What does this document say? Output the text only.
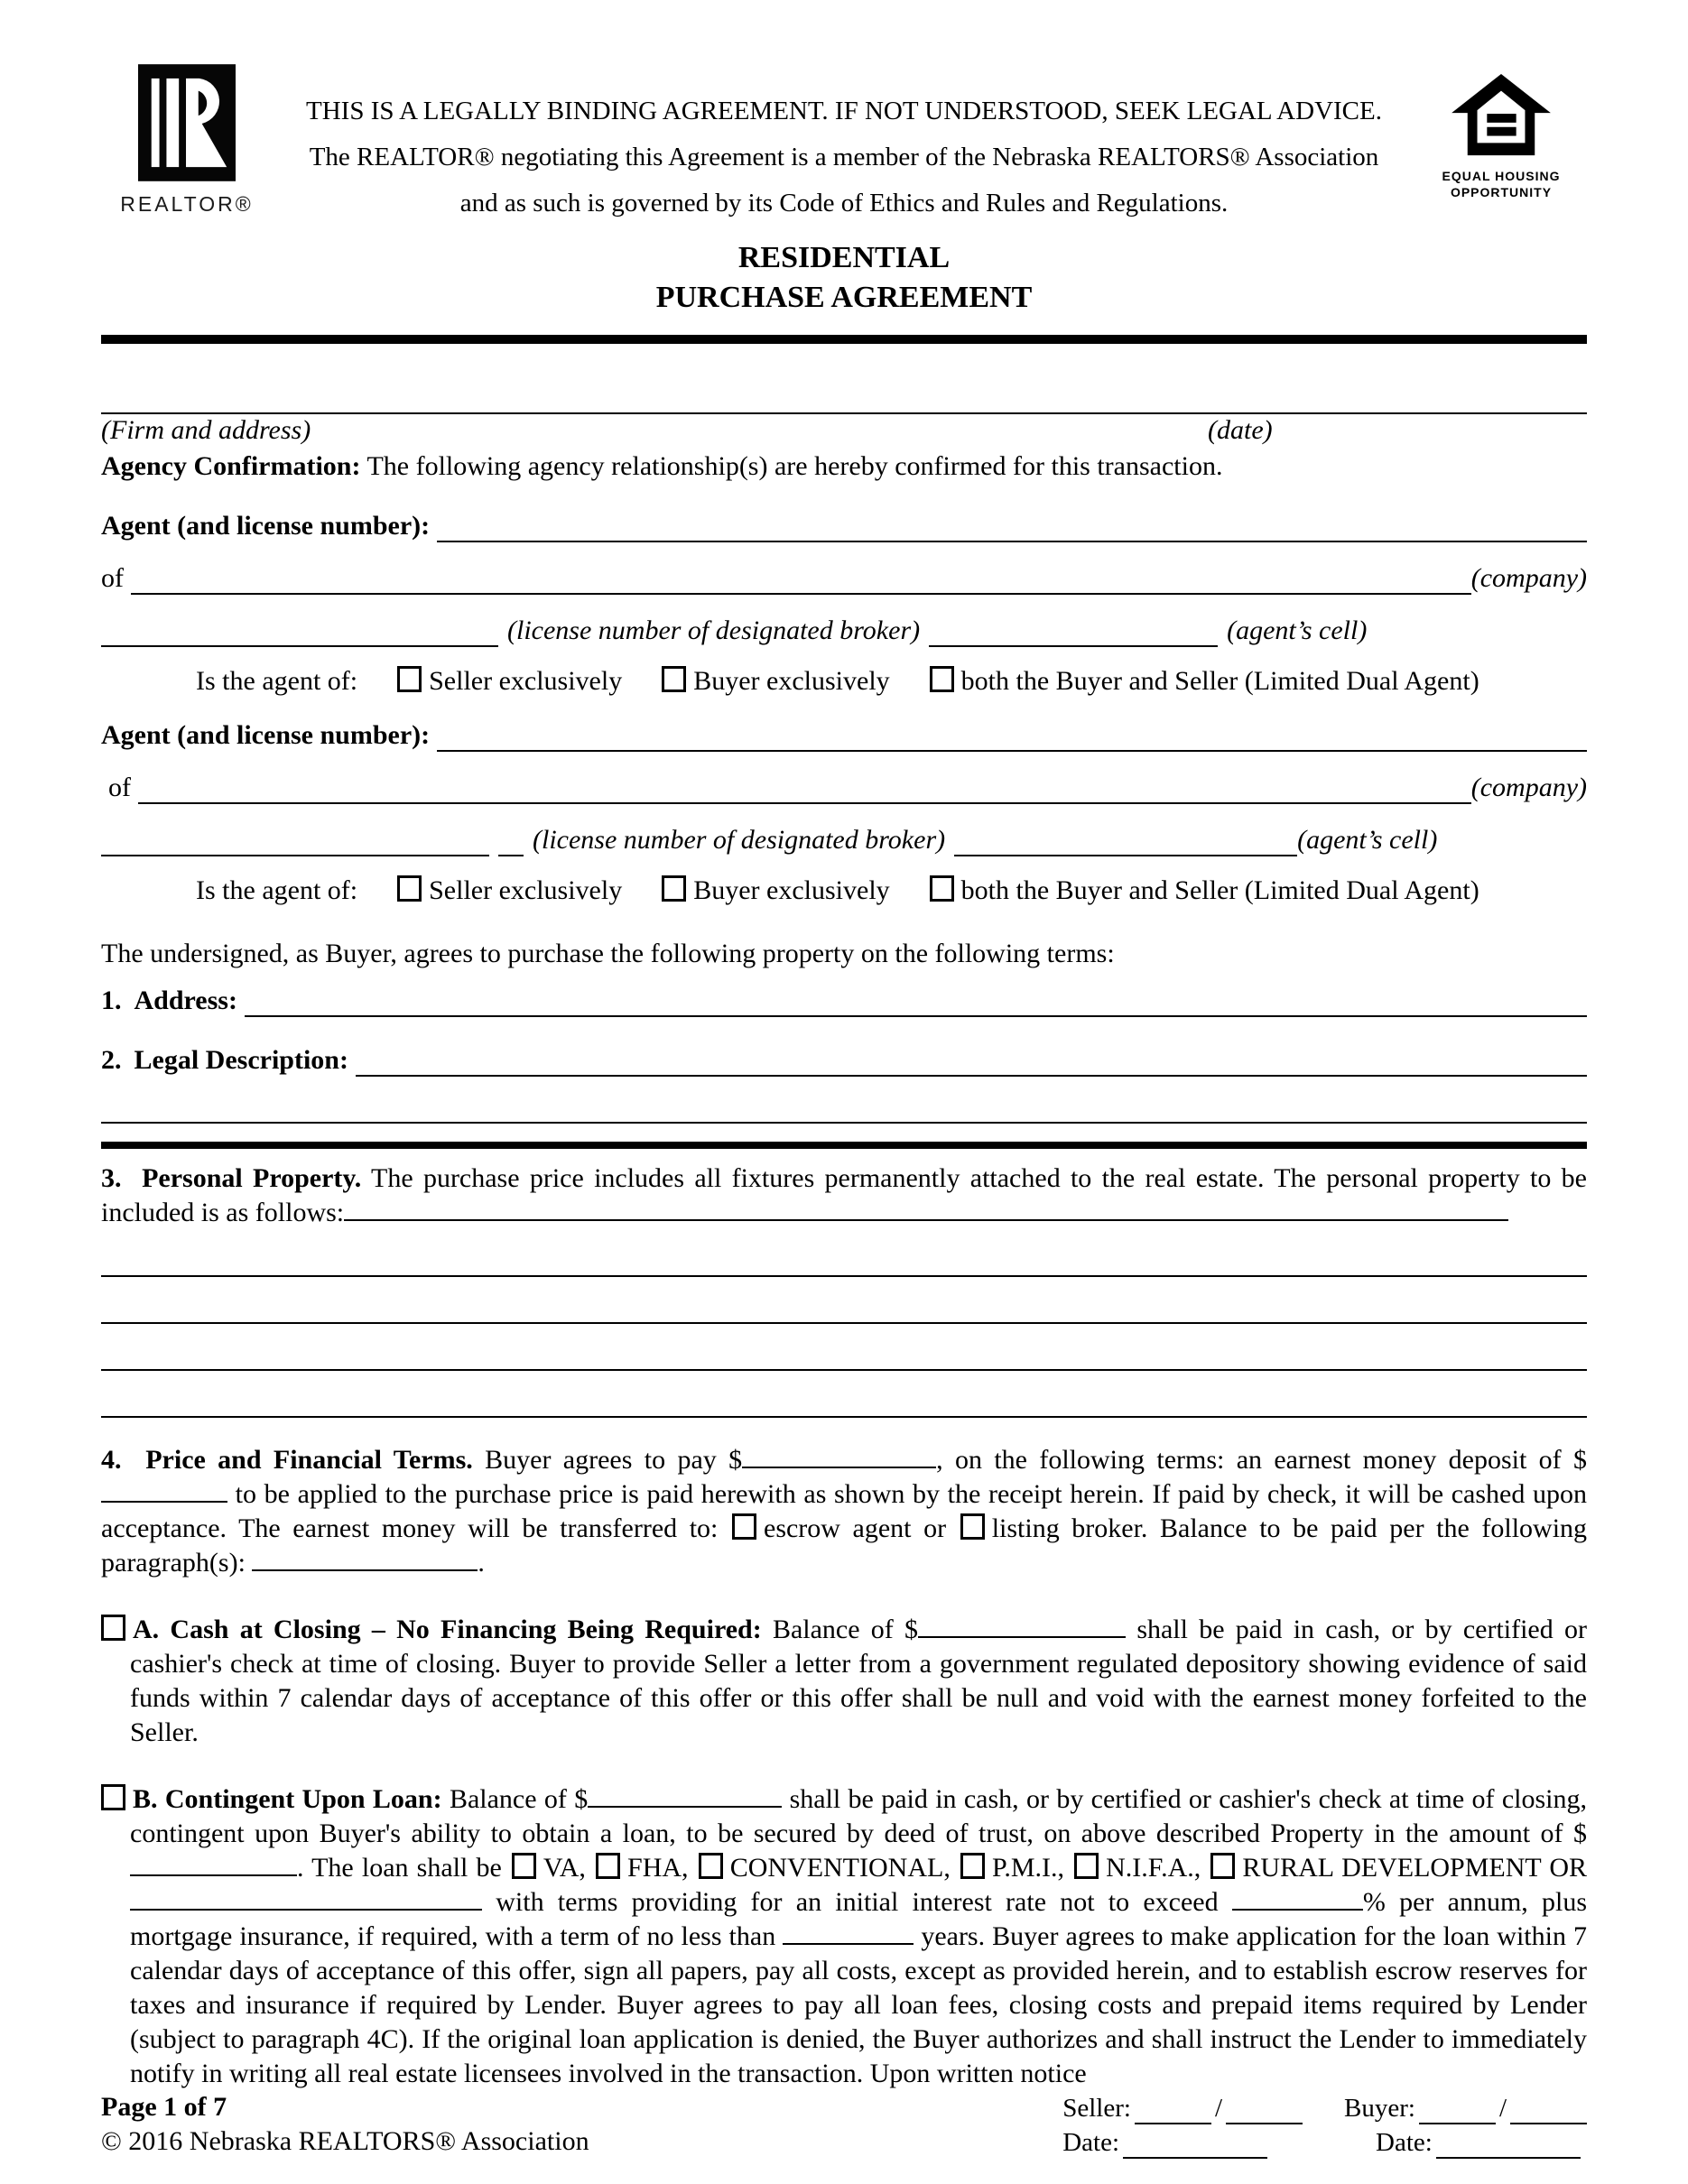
REALTOR®
THIS IS A LEGALLY BINDING AGREEMENT. IF NOT UNDERSTOOD, SEEK LEGAL ADVICE.
The REALTOR® negotiating this Agreement is a member of the Nebraska REALTORS® Association
and as such is governed by its Code of Ethics and Rules and Regulations.
EQUAL HOUSING
OPPORTUNITY
RESIDENTIAL
PURCHASE AGREEMENT
(Firm and address)	(date)
Agency Confirmation: The following agency relationship(s) are hereby confirmed for this transaction.
Agent (and license number):
of	(company)
(license number of designated broker)	(agent’s cell)
Is the agent of:	Seller exclusively	Buyer exclusively	both the Buyer and Seller (Limited Dual Agent)
Agent (and license number):
of	(company)
(license number of designated broker)	(agent’s cell)
Is the agent of:	Seller exclusively	Buyer exclusively	both the Buyer and Seller (Limited Dual Agent)
The undersigned, as Buyer, agrees to purchase the following property on the following terms:
1. Address:
2. Legal Description:
3. Personal Property. The purchase price includes all fixtures permanently attached to the real estate. The personal property to be included is as follows:
4. Price and Financial Terms. Buyer agrees to pay $	, on the following terms: an earnest money deposit of $ to be applied to the purchase price is paid herewith as shown by the receipt herein. If paid by check, it will be cashed upon acceptance. The earnest money will be transferred to: escrow agent or listing broker. Balance to be paid per the following paragraph(s):	.
A. Cash at Closing – No Financing Being Required: Balance of $	shall be paid in cash, or by certified or cashier's check at time of closing. Buyer to provide Seller a letter from a government regulated depository showing evidence of said funds within 7 calendar days of acceptance of this offer or this offer shall be null and void with the earnest money forfeited to the Seller.
B. Contingent Upon Loan: Balance of $	shall be paid in cash, or by certified or cashier's check at time of closing, contingent upon Buyer's ability to obtain a loan, to be secured by deed of trust, on above described Property in the amount of $. The loan shall be VA, FHA, CONVENTIONAL, P.M.I., N.I.F.A., RURAL DEVELOPMENT OR  with terms providing for an initial interest rate not to exceed	% per annum, plus mortgage insurance, if required, with a term of no less than	years. Buyer agrees to make application for the loan within 7 calendar days of acceptance of this offer, sign all papers, pay all costs, except as provided herein, and to establish escrow reserves for taxes and insurance if required by Lender. Buyer agrees to pay all loan fees, closing costs and prepaid items required by Lender (subject to paragraph 4C). If the original loan application is denied, the Buyer authorizes and shall instruct the Lender to immediately notify in writing all real estate licensees involved in the transaction. Upon written notice
Page 1 of 7
© 2016 Nebraska REALTORS® Association
Seller:	/	Buyer:	/
Date:	Date:
